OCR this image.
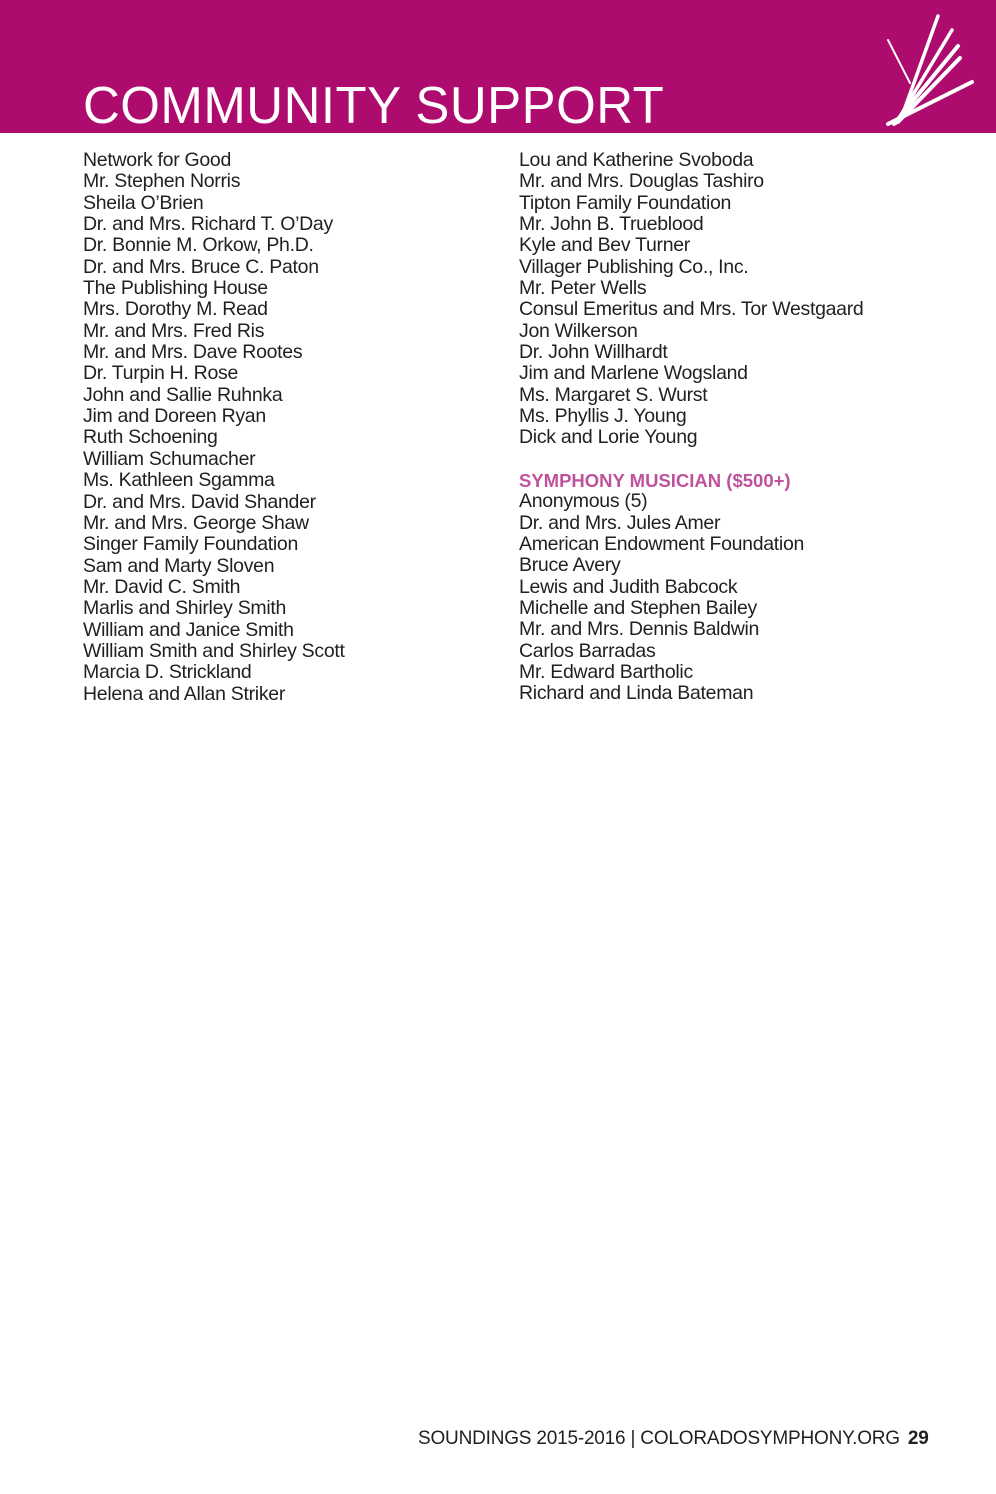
COMMUNITY SUPPORT
Network for Good
Mr. Stephen Norris
Sheila O’Brien
Dr. and Mrs. Richard T. O’Day
Dr. Bonnie M. Orkow, Ph.D.
Dr. and Mrs. Bruce C. Paton
The Publishing House
Mrs. Dorothy M. Read
Mr. and Mrs. Fred Ris
Mr. and Mrs. Dave Rootes
Dr. Turpin H. Rose
John and Sallie Ruhnka
Jim and Doreen Ryan
Ruth Schoening
William Schumacher
Ms. Kathleen Sgamma
Dr. and Mrs. David Shander
Mr. and Mrs. George Shaw
Singer Family Foundation
Sam and Marty Sloven
Mr. David C. Smith
Marlis and Shirley Smith
William and Janice Smith
William Smith and Shirley Scott
Marcia D. Strickland
Helena and Allan Striker
Lou and Katherine Svoboda
Mr. and Mrs. Douglas Tashiro
Tipton Family Foundation
Mr. John B. Trueblood
Kyle and Bev Turner
Villager Publishing Co., Inc.
Mr. Peter Wells
Consul Emeritus and Mrs. Tor Westgaard
Jon Wilkerson
Dr. John Willhardt
Jim and Marlene Wogsland
Ms. Margaret S. Wurst
Ms. Phyllis J. Young
Dick and Lorie Young
SYMPHONY MUSICIAN ($500+)
Anonymous (5)
Dr. and Mrs. Jules Amer
American Endowment Foundation
Bruce Avery
Lewis and Judith Babcock
Michelle and Stephen Bailey
Mr. and Mrs. Dennis Baldwin
Carlos Barradas
Mr. Edward Bartholic
Richard and Linda Bateman
SOUNDINGS 2015-2016 | COLORADOSYMPHONY.ORG 29
